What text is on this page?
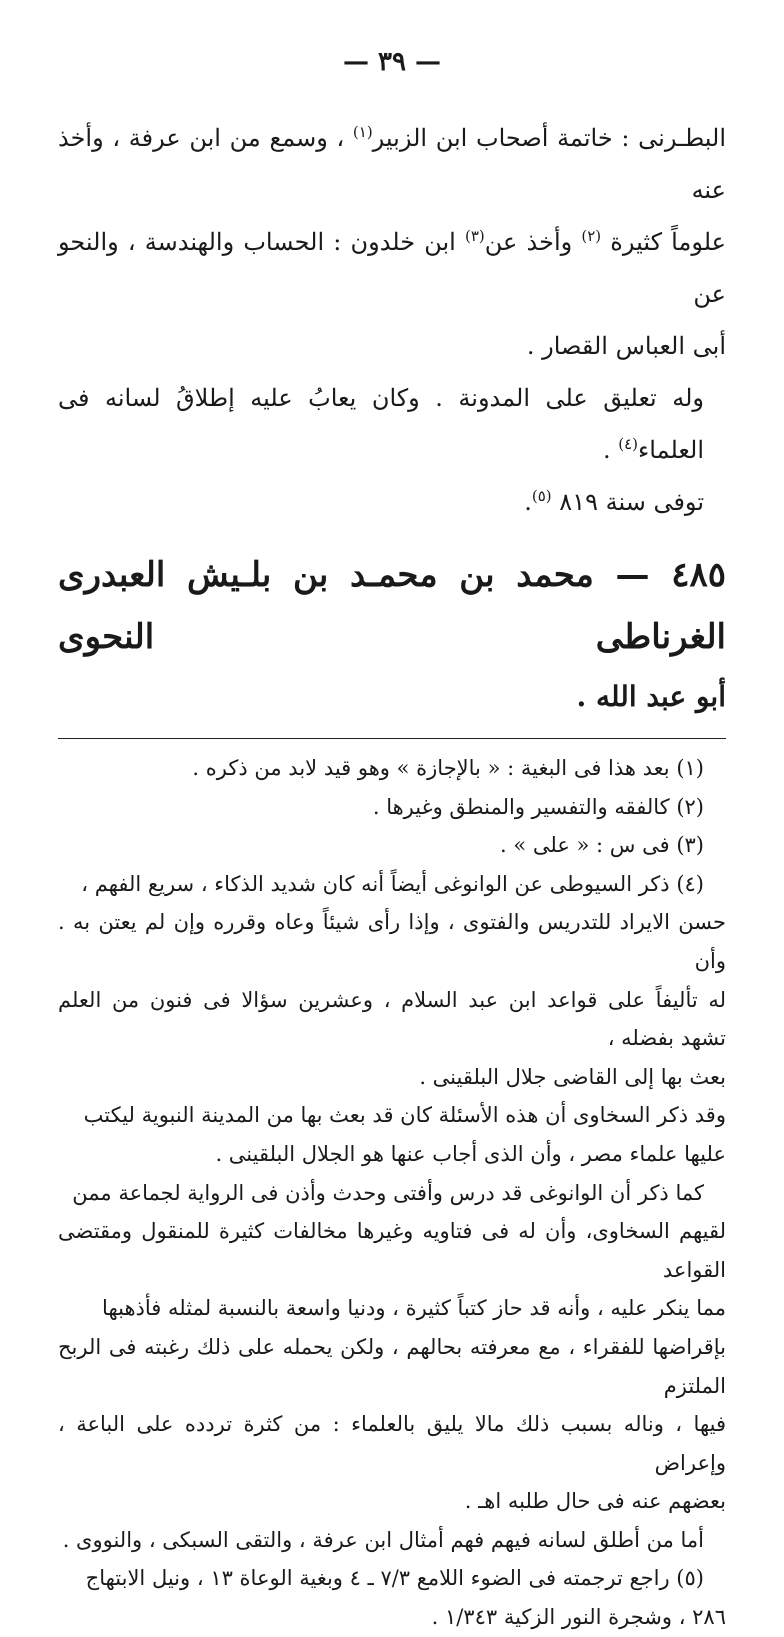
— ٣٩ —

البطـرنى : خاتمة أصحاب ابن الزبير$^{(١)}$ ، وسمع من ابن عرفة ، وأخذ عنه

علوماً كثيرة $^{(٢)}$ وأخذ عن$^{(٣)}$ ابن خلدون : الحساب والهندسة ، والنحو عن

أبى العباس القصار .

وله تعليق على المدونة . وكان يعابُ عليه إطلاقُ لسانه فى العلماء$^{(٤)}$ .

توفى سنة ٨١٩ $^{(٥)}$.

٤٨٥ — محمد بن محمـد بن بلـيش العبدرى الغرناطى النحوى
أبو عبد الله .

(١) بعد هذا فى البغية : « بالإجازة » وهو قيد لابد من ذكره .

(٢) كالفقه والتفسير والمنطق وغيرها .

(٣) فى س : « على » .

(٤) ذكر السيوطى عن الوانوغى أيضاً أنه كان شديد الذكاء ، سريع الفهم ،

حسن الايراد للتدريس والفتوى ، وإذا رأى شيئاً وعاه وقرره وإن لم يعتن به . وأن

له تأليفاً على قواعد ابن عبد السلام ، وعشرين سؤالا فى فنون من العلم تشهد بفضله ،

بعث بها إلى القاضى جلال البلقينى .

وقد ذكر السخاوى أن هذه الأسئلة كان قد بعث بها من المدينة النبوية ليكتب

عليها علماء مصر ، وأن الذى أجاب عنها هو الجلال البلقينى .

كما ذكر أن الوانوغى قد درس وأفتى وحدث وأذن فى الرواية لجماعة ممن

لقيهم السخاوى، وأن له فى فتاويه وغيرها مخالفات كثيرة للمنقول ومقتضى القواعد

مما ينكر عليه ، وأنه قد حاز كتباً كثيرة ، ودنيا واسعة بالنسبة لمثله فأذهبها

بإقراضها للفقراء ، مع معرفته بحالهم ، ولكن يحمله على ذلك رغبته فى الربح الملتزم

فيها ، وناله بسبب ذلك مالا يليق بالعلماء : من كثرة تردده على الباعة ، وإعراض

بعضهم عنه فى حال طلبه اهـ .

أما من أطلق لسانه فيهم فهم أمثال ابن عرفة ، والتقى السبكى ، والنووى .

(٥) راجع ترجمته فى الضوء اللامع ٧/٣ ـ ٤ وبغية الوعاة ١٣ ، ونيل الابتهاج

٢٨٦ ، وشجرة النور الزكية ١/٣٤٣ .
